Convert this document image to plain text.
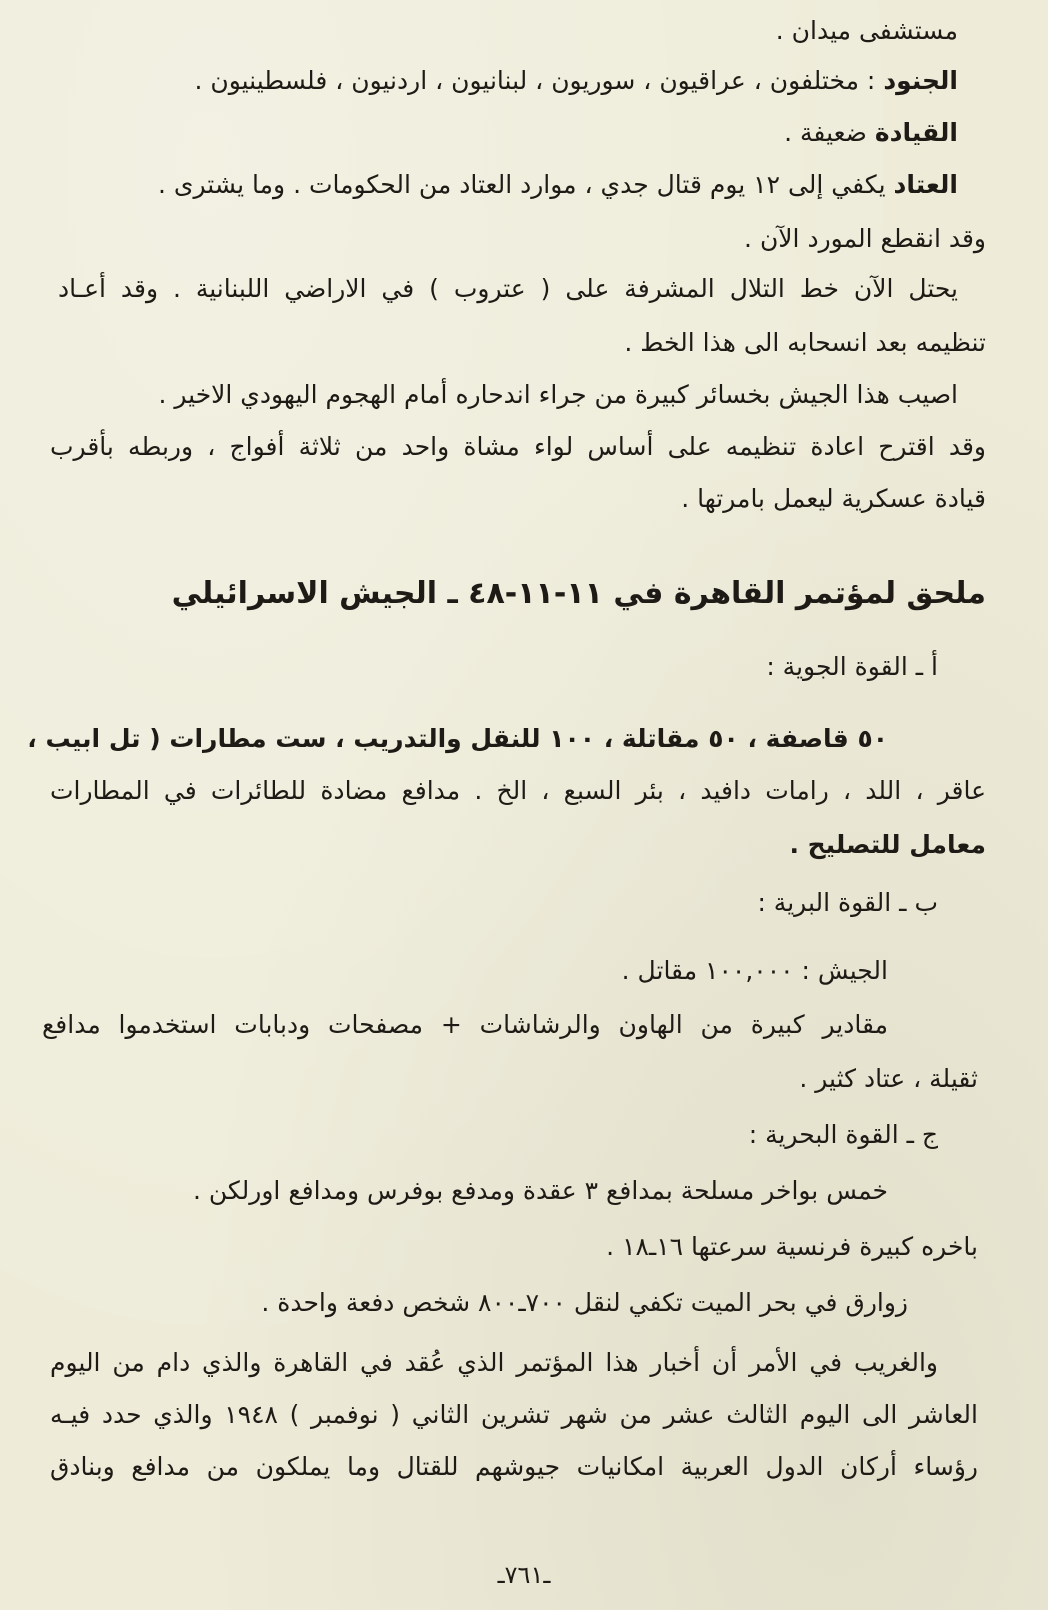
مستشفى ميدان .
الجنود : مختلفون ، عراقيون ، سوريون ، لبنانيون ، اردنيون ، فلسطينيون .
القيادة ضعيفة .
العتاد يكفي إلى ١٢ يوم قتال جدي ، موارد العتاد من الحكومات . وما يشترى .
وقد انقطع المورد الآن .
يحتل الآن خط التلال المشرفة على ( عتروب ) في الاراضي اللبنانية . وقد أعـاد
تنظيمه بعد انسحابه الى هذا الخط .
اصيب هذا الجيش بخسائر كبيرة من جراء اندحاره أمام الهجوم اليهودي الاخير .
وقد اقترح اعادة تنظيمه على أساس لواء مشاة واحد من ثلاثة أفواج ، وربطه بأقرب
قيادة عسكرية ليعمل بامرتها .
ملحق لمؤتمر القاهرة في ١١-١١-٤٨ ـ الجيش الاسرائيلي
أ ـ القوة الجوية :
٥٠ قاصفة ، ٥٠ مقاتلة ، ١٠٠ للنقل والتدريب ، ست مطارات ( تل ابيب ،
عاقر ، اللد ، رامات دافيد ، بئر السبع ، الخ . مدافع مضادة للطائرات في المطارات
معامل للتصليح .
ب ـ القوة البرية :
الجيش : ١٠٠,٠٠٠ مقاتل .
مقادير كبيرة من الهاون والرشاشات + مصفحات ودبابات استخدموا مدافع
ثقيلة ، عتاد كثير .
ج ـ القوة البحرية :
خمس بواخر مسلحة بمدافع ٣ عقدة ومدفع بوفرس ومدافع اورلكن .
باخره كبيرة فرنسية سرعتها ١٦ـ١٨ .
زوارق في بحر الميت تكفي لنقل ٧٠٠ـ٨٠٠ شخص دفعة واحدة .
والغريب في الأمر أن أخبار هذا المؤتمر الذي عُقد في القاهرة والذي دام من اليوم
العاشر الى اليوم الثالث عشر من شهر تشرين الثاني ( نوفمبر ) ١٩٤٨ والذي حدد فيـه
رؤساء أركان الدول العربية امكانيات جيوشهم للقتال وما يملكون من مدافع وبنادق
ـ٧٦١ـ
